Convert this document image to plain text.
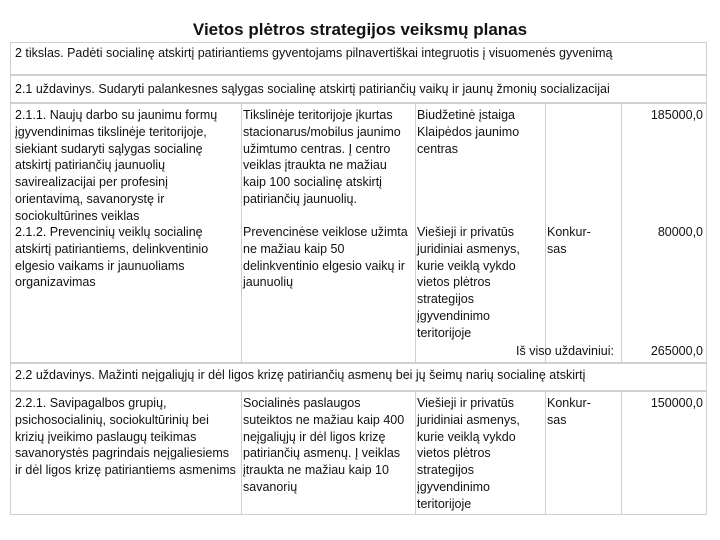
Vietos plėtros strategijos veiksmų planas
2 tikslas. Padėti socialinę atskirtį patiriantiems gyventojams pilnavertiškai integruotis į visuomenės gyvenimą
2.1 uždavinys. Sudaryti palankesnes sąlygas socialinę atskirtį patiriančių vaikų ir jaunų žmonių socializacijai
2.1.1. Naujų darbo su jaunimu formų įgyvendinimas tikslinėje teritorijoje, siekiant sudaryti sąlygas socialinę atskirtį patiriančių jaunuolių savirealizacijai per profesinį orientavimą, savanorystę ir sociokultūrines veiklas
Tikslinėje teritorijoje įkurtas stacionarus/mobilus jaunimo užimtumo centras. Į centro veiklas įtraukta ne mažiau kaip 100 socialinę atskirtį patiriančių jaunuolių.
Biudžetinė įstaiga Klaipėdos jaunimo centras
185000,0
2.1.2. Prevencinių veiklų socialinę atskirtį patiriantiems, delinkventinio elgesio vaikams ir jaunuoliams organizavimas
Prevencinėse veiklose užimta ne mažiau kaip 50 delinkventinio elgesio vaikų ir jaunuolių
Viešieji ir privatūs juridiniai asmenys, kurie veiklą vykdo vietos plėtros strategijos įgyvendinimo teritorijoje
Konkur-
sas
80000,0
Iš viso uždaviniui:	265000,0
2.2 uždavinys. Mažinti neįgaliųjų ir dėl ligos krizę patiriančių asmenų bei jų šeimų narių socialinę atskirtį
2.2.1. Savipagalbos grupių, psichosocialinių, sociokultūrinių bei krizių įveikimo paslaugų teikimas savanorystės pagrindais neįgaliesiems ir dėl ligos krizę patiriantiems asmenims
Socialinės paslaugos suteiktos ne mažiau kaip 400 neįgaliųjų ir dėl ligos krizę patiriančių asmenų. Į veiklas įtraukta ne mažiau kaip 10 savanorių
Viešieji ir privatūs juridiniai asmenys, kurie veiklą vykdo vietos plėtros strategijos įgyvendinimo teritorijoje
Konkur-
sas
150000,0
